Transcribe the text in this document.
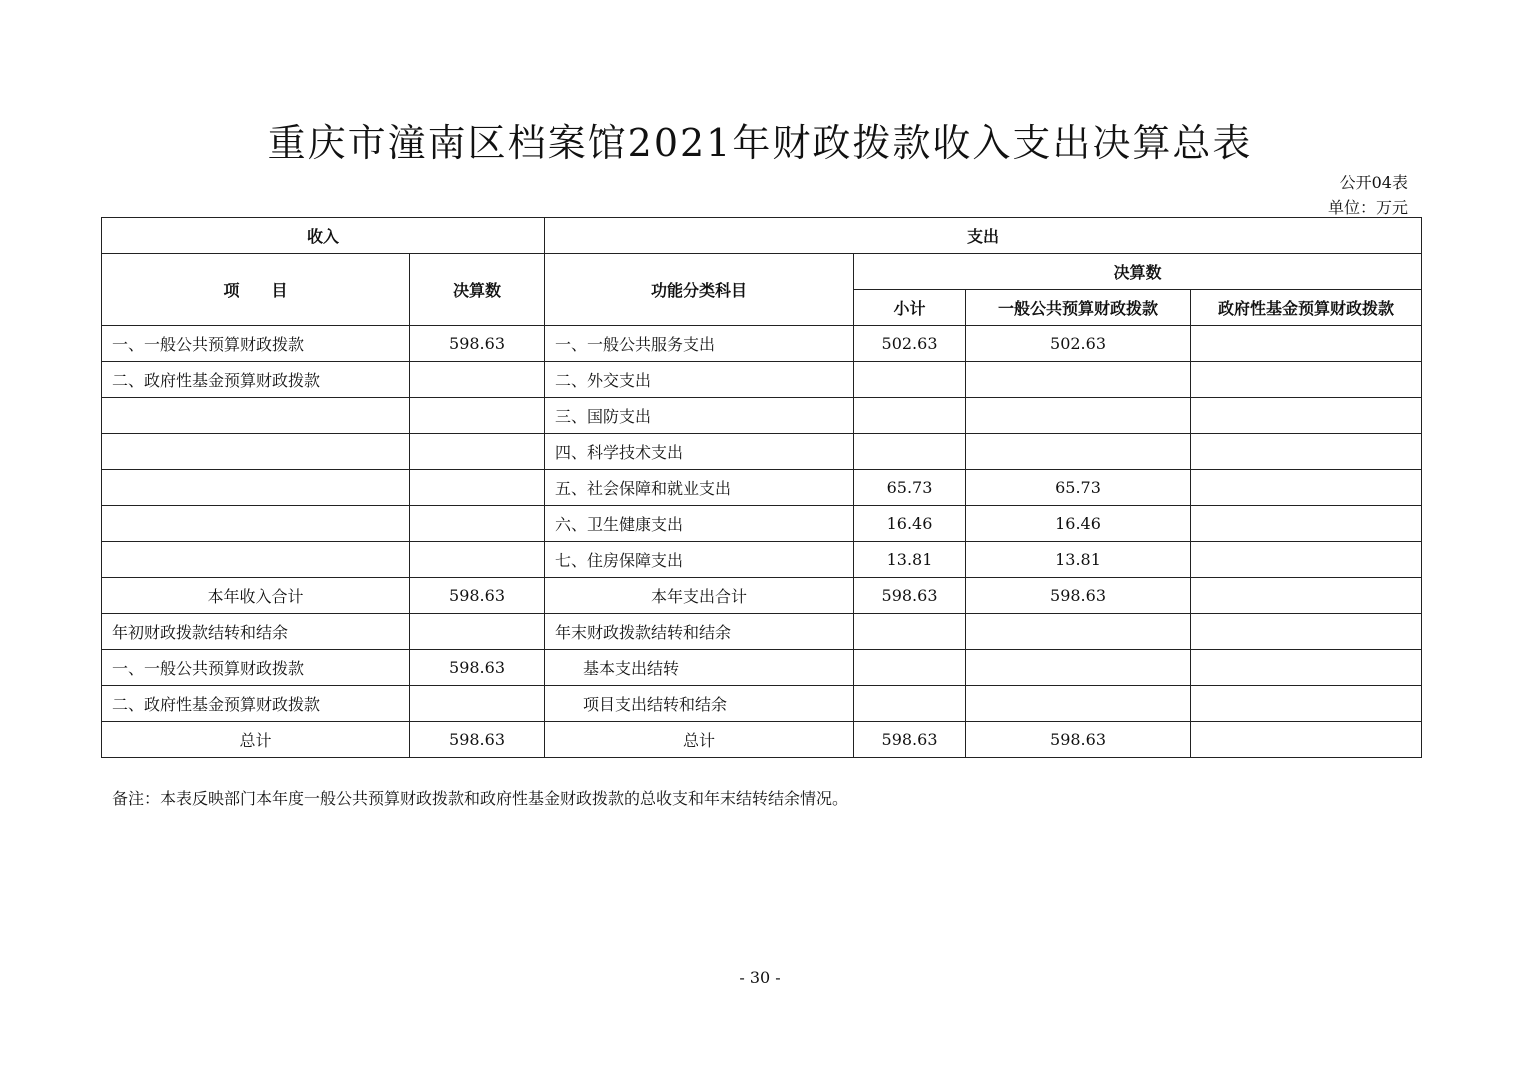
重庆市潼南区档案馆2021年财政拨款收入支出决算总表
公开04表
单位：万元
收入		支出			
项　　目	决算数	功能分类科目	决算数		
			小计	一般公共预算财政拨款	政府性基金预算财政拨款
一、一般公共预算财政拨款	598.63	一、一般公共服务支出	502.63	502.63	
二、政府性基金预算财政拨款		二、外交支出			
		三、国防支出			
		四、科学技术支出			
		五、社会保障和就业支出	65.73	65.73	
		六、卫生健康支出	16.46	16.46	
		七、住房保障支出	13.81	13.81	
本年收入合计	598.63	本年支出合计	598.63	598.63	
年初财政拨款结转和结余		年末财政拨款结转和结余			
一、一般公共预算财政拨款	598.63	基本支出结转			
二、政府性基金预算财政拨款		项目支出结转和结余			
总计	598.63	总计	598.63	598.63	
备注：本表反映部门本年度一般公共预算财政拨款和政府性基金财政拨款的总收支和年末结转结余情况。
- 30 -
